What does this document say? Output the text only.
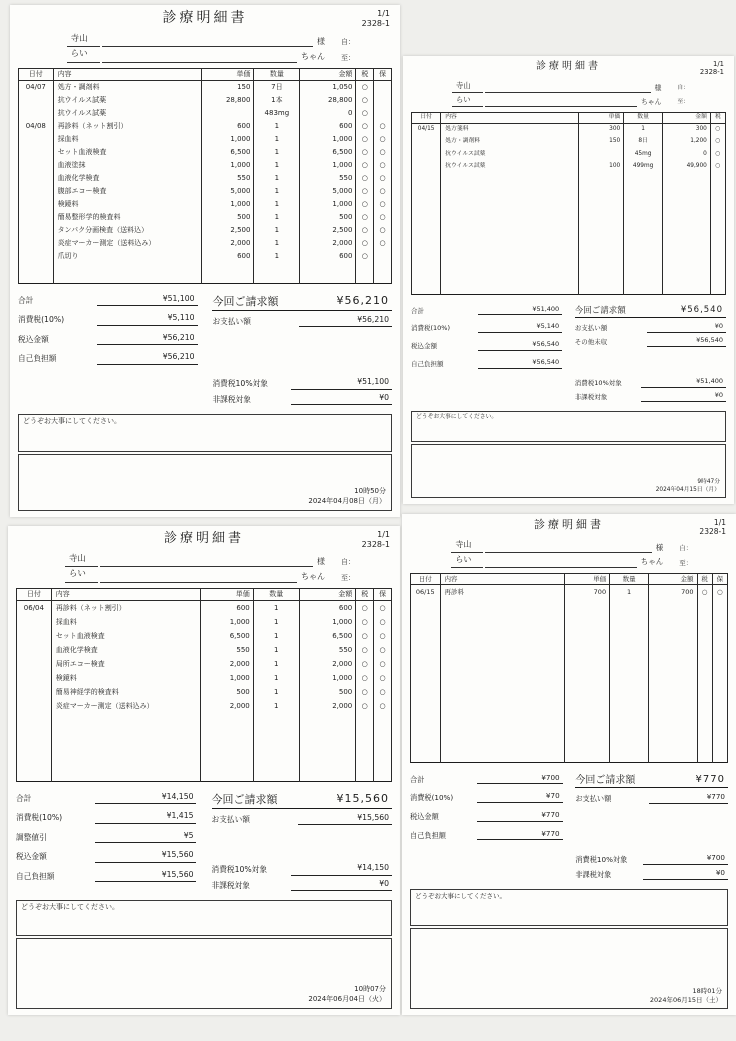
診療明細書	1/1
2328-1
寺山	様 自：
らい	ちゃん 至：
日付	内容	単価	数量	金額	税	保
04/07	処方・調剤料	150	7日	1,050	○	
	抗ウイルス試薬	28,800	1本	28,800	○	
	抗ウイルス試薬		483mg	0	○	
04/08	再診料（ネット割引）	600	1	600	○	○
	採血料	1,000	1	1,000	○	○
	セット血液検査	6,500	1	6,500	○	○
	血液塗抹	1,000	1	1,000	○	○
	血液化学検査	550	1	550	○	○
	腹部エコー検査	5,000	1	5,000	○	○
	検鏡料	1,000	1	1,000	○	○
	簡易整形学的検査料	500	1	500	○	○
	タンパク分画検査（送料込）	2,500	1	2,500	○	○
	炎症マーカー測定（送料込み）	2,000	1	2,000	○	○
	爪切り	600	1	600	○	

合計	¥51,100
消費税(10%)	¥5,110
税込金額	¥56,210
自己負担額	¥56,210
今回ご請求額	¥56,210
お支払い額	¥56,210
消費税10%対象	¥51,100
非課税対象	¥0
どうぞお大事にしてください。
10時50分
2024年04月08日（月）
診療明細書	1/1
2328-1
寺山	様	自：
らい	ちゃん	至：
日付	内容	単価	数量	金額	税
04/15	処方箋料	300	1	300	○
	処方・調剤料	150	8日	1,200	○
	抗ウイルス試薬		45mg	0	○
	抗ウイルス試薬	100	499mg	49,900	○

合計	¥51,400
消費税(10%)	¥5,140
税込金額	¥56,540
自己負担額	¥56,540
今回ご請求額	¥56,540
お支払い額	¥0
その他未収	¥56,540
消費税10%対象	¥51,400
非課税対象	¥0
どうぞお大事にしてください。
9時47分
2024年04月15日（月）
診療明細書	1/1
2328-1
寺山	様 自：
らい	ちゃん 至：
日付	内容	単価	数量	金額	税	保
06/04	再診料（ネット割引）	600	1	600	○	○
	採血料	1,000	1	1,000	○	○
	セット血液検査	6,500	1	6,500	○	○
	血液化学検査	550	1	550	○	○
	局所エコー検査	2,000	1	2,000	○	○
	検鏡料	1,000	1	1,000	○	○
	簡易神経学的検査料	500	1	500	○	○
	炎症マーカー測定（送料込み）	2,000	1	2,000	○	○

合計	¥14,150
消費税(10%)	¥1,415
調整値引	¥5
税込金額	¥15,560
自己負担額	¥15,560
今回ご請求額	¥15,560
お支払い額	¥15,560
消費税10%対象	¥14,150
非課税対象	¥0
どうぞお大事にしてください。
10時07分
2024年06月04日（火）
診療明細書	1/1
2328-1
寺山	様	自：
らい	ちゃん	至：
日付	内容	単価	数量	金額	税	保
06/15	再診料	700	1	700	○	○

合計	¥700
消費税(10%)	¥70
税込金額	¥770
自己負担額	¥770
今回ご請求額	¥770
お支払い額	¥770
消費税10%対象	¥700
非課税対象	¥0
どうぞお大事にしてください。
18時01分
2024年06月15日（土）
